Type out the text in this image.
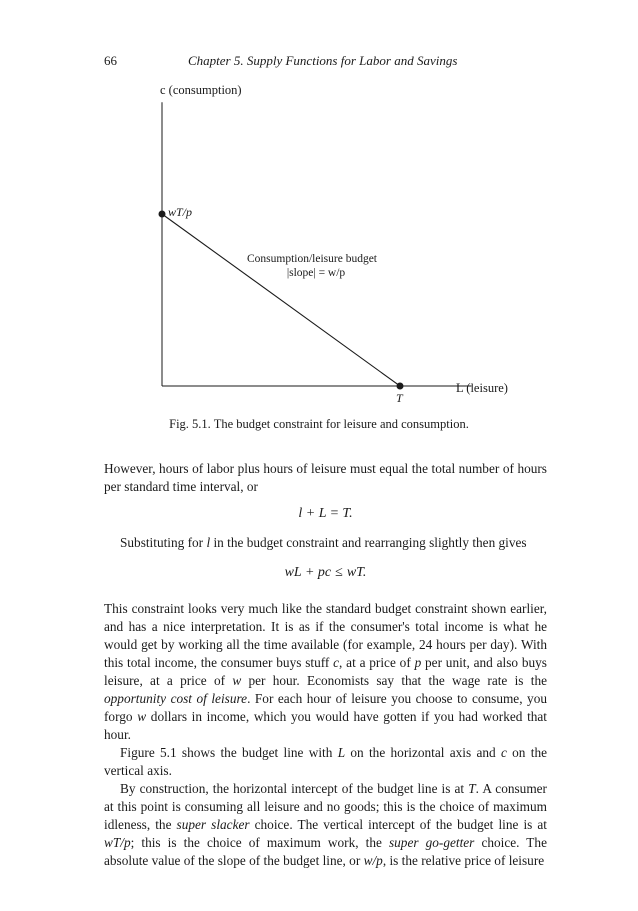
66	Chapter 5. Supply Functions for Labor and Savings
c (consumption)
L (leisure)
wT/p
T
Consumption/leisure budget
|slope| = w/p
Fig. 5.1. The budget constraint for leisure and consumption.

However, hours of labor plus hours of leisure must equal the total number of hours per standard time interval, or

l + L = T.

Substituting for l in the budget constraint and rearranging slightly then gives

wL + pc ≤ wT.

This constraint looks very much like the standard budget constraint shown earlier, and has a nice interpretation. It is as if the consumer's total income is what he would get by working all the time available (for example, 24 hours per day). With this total income, the consumer buys stuff c, at a price of p per unit, and also buys leisure, at a price of w per hour. Economists say that the wage rate is the opportunity cost of leisure. For each hour of leisure you choose to consume, you forgo w dollars in income, which you would have gotten if you had worked that hour.

Figure 5.1 shows the budget line with L on the horizontal axis and c on the vertical axis.

By construction, the horizontal intercept of the budget line is at T. A consumer at this point is consuming all leisure and no goods; this is the choice of maximum idleness, the super slacker choice. The vertical intercept of the budget line is at wT/p; this is the choice of maximum work, the super go-getter choice. The absolute value of the slope of the budget line, or w/p, is the relative price of leisure
